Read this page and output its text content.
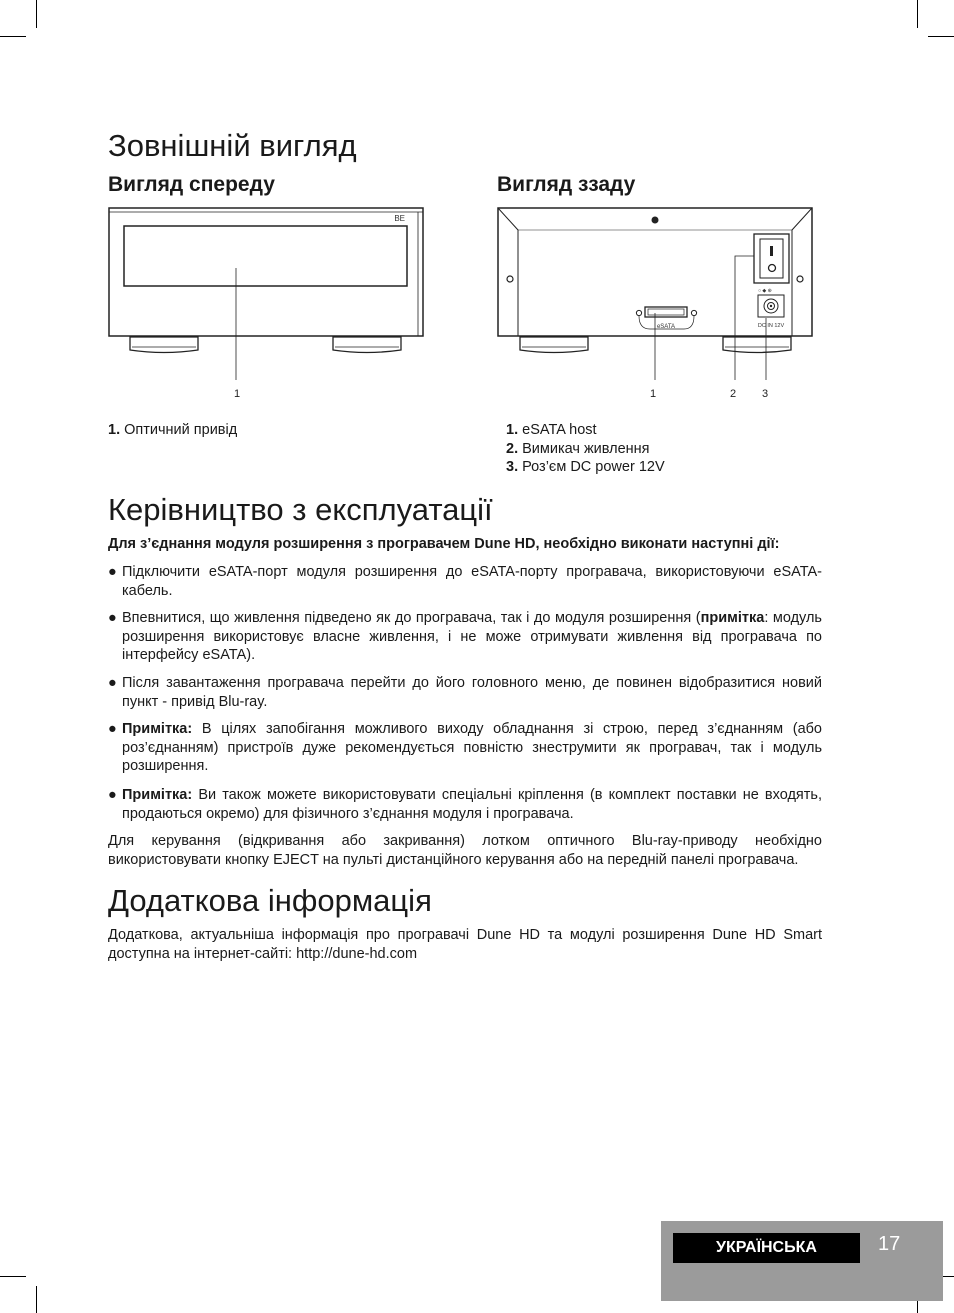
Зовнішній вигляд
Вигляд спереду	Вигляд ззаду
BE
1
○ ◆ ⊕
DC IN 12V
eSATA
1	2 3
1. Оптичний привід	1. eSATA host
2. Вимикач живлення
3. Роз’єм DC power 12V
Керівництво з експлуатації
Для з’єднання модуля розширення з програвачем Dune HD, необхідно виконати наступні дії:
● Підключити eSATA-порт модуля розширення до eSATA-порту програвача, використовуючи eSATA-кабель.
● Впевнитися, що живлення підведено як до програвача, так і до модуля розширення (примітка: модуль розширення використовує власне живлення, і не може отримувати живлення від програвача по інтерфейсу eSATA).
● Після завантаження програвача перейти до його головного меню, де повинен відобразитися новий пункт - привід Blu-ray.
● Примітка: В цілях запобігання можливого виходу обладнання зі строю, перед з’єднанням (або роз’єднанням) пристроїв дуже рекомендується повністю знеструмити як програвач, так і модуль розширення.
● Примітка: Ви також можете використовувати спеціальні кріплення (в комплект поставки не входять, продаються окремо) для фізичного з’єднання модуля і програвача.
Для керування (відкривання або закривання) лотком оптичного Blu-ray-приводу необхідно використовувати кнопку EJECT на пульті дистанційного керування або на передній панелі програвача.
Додаткова інформація
Додаткова, актуальніша інформація про програвачі Dune HD та модулі розширення Dune HD Smart доступна на інтернет-сайті: http://dune-hd.com
УКРАЇНСЬКА	17
